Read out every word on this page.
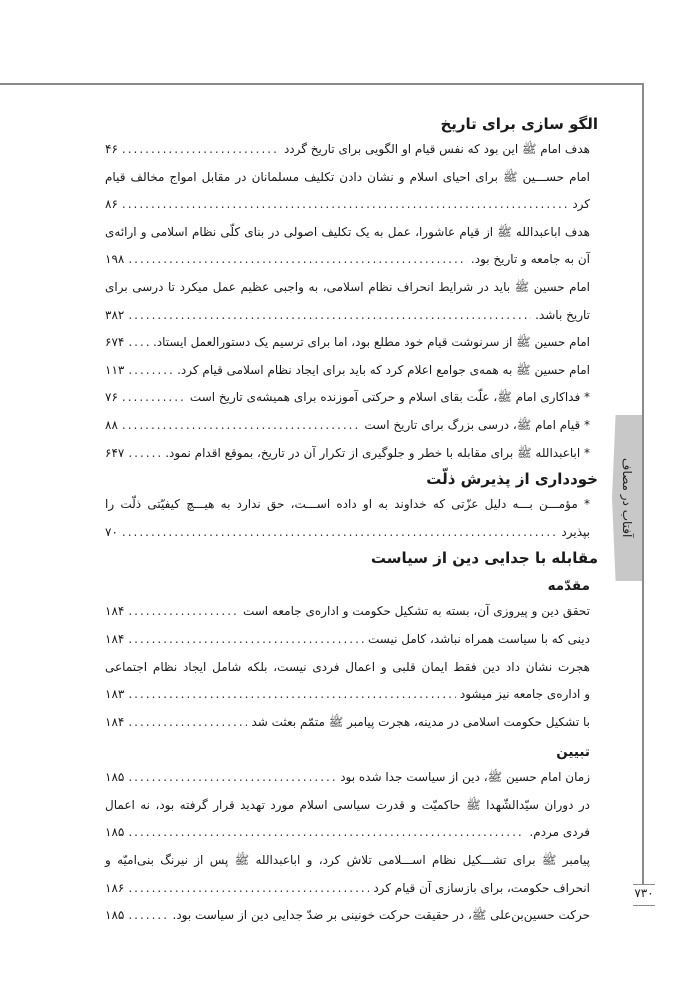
آفتاب در مصاف
۷۳۰
الگو سازی برای تاریخ
هدف امام ﷺ این بود که نفس قیام او الگویی برای تاریخ گردد
.....
۴۶
امام حســـین ﷺ برای احیای اسلام و نشان دادن تکلیف مسلمانان در مقابل امواج مخالف قیام
کرد
.....
۸۶
هدف اباعبدالله ﷺ از قیام عاشورا، عمل به یک تکلیف اصولی در بنای کلّی نظام اسلامی و ارائه‌ی
آن به جامعه و تاریخ بود.
.....
۱۹۸
امام حسین ﷺ باید در شرایط انحراف نظام اسلامی، به واجبی عظیم عمل میکرد تا درسی برای
تاریخ باشد.
.....
۳۸۲
امام حسین ﷺ از سرنوشت قیام خود مطلع بود، اما برای ترسیم یک دستورالعمل ایستاد.
.....
۶۷۴
امام حسین ﷺ به همه‌ی جوامع اعلام کرد که باید برای ایجاد نظام اسلامی قیام کرد.
.....
۱۱۳
* فداکاری امام ﷺ، علّت بقای اسلام و حرکتی آموزنده برای همیشه‌ی تاریخ است
.....
۷۶
* قیام امام ﷺ، درسی بزرگ برای تاریخ است
.....
۸۸
* اباعبدالله ﷺ برای مقابله با خطر و جلوگیری از تکرار آن در تاریخ، بموقع اقدام نمود.
.....
۶۴۷
خودداری از پذیرش ذلّت
* مؤمـــن بـــه دلیل عزّتی که خداوند به او داده اســـت، حق ندارد به هیـــچ کیفیّتی ذلّت را
بپذیرد
.....
۷۰
مقابله با جدایی دین از سیاست
مقدّمه
تحقق دین و پیروزی آن، بسته به تشکیل حکومت و اداره‌ی جامعه است
.....
۱۸۴
دینی که با سیاست همراه نباشد، کامل نیست
.....
۱۸۴
هجرت نشان داد دین فقط ایمان قلبی و اعمال فردی نیست، بلکه شامل ایجاد نظام اجتماعی
و اداره‌ی جامعه نیز میشود
.....
۱۸۳
با تشکیل حکومت اسلامی در مدینه، هجرت پیامبر ﷺ متمّم بعثت شد
.....
۱۸۴
تبیین
زمان امام حسین ﷺ، دین از سیاست جدا شده بود
.....
۱۸۵
در دوران سیّدالشّهدا ﷺ حاکمیّت و قدرت سیاسی اسلام مورد تهدید قرار گرفته بود، نه اعمال
فردی مردم.
.....
۱۸۵
پیامبر ﷺ برای تشـــکیل نظام اســـلامی تلاش کرد، و اباعبدالله ﷺ پس از نیرنگ بنی‌امیّه و
انحراف حکومت، برای بازسازی آن قیام کرد
.....
۱۸۶
حرکت حسین‌بن‌علی ﷺ، در حقیقت حرکت خونینی بر ضدّ جدایی دین از سیاست بود.
.....
۱۸۵
